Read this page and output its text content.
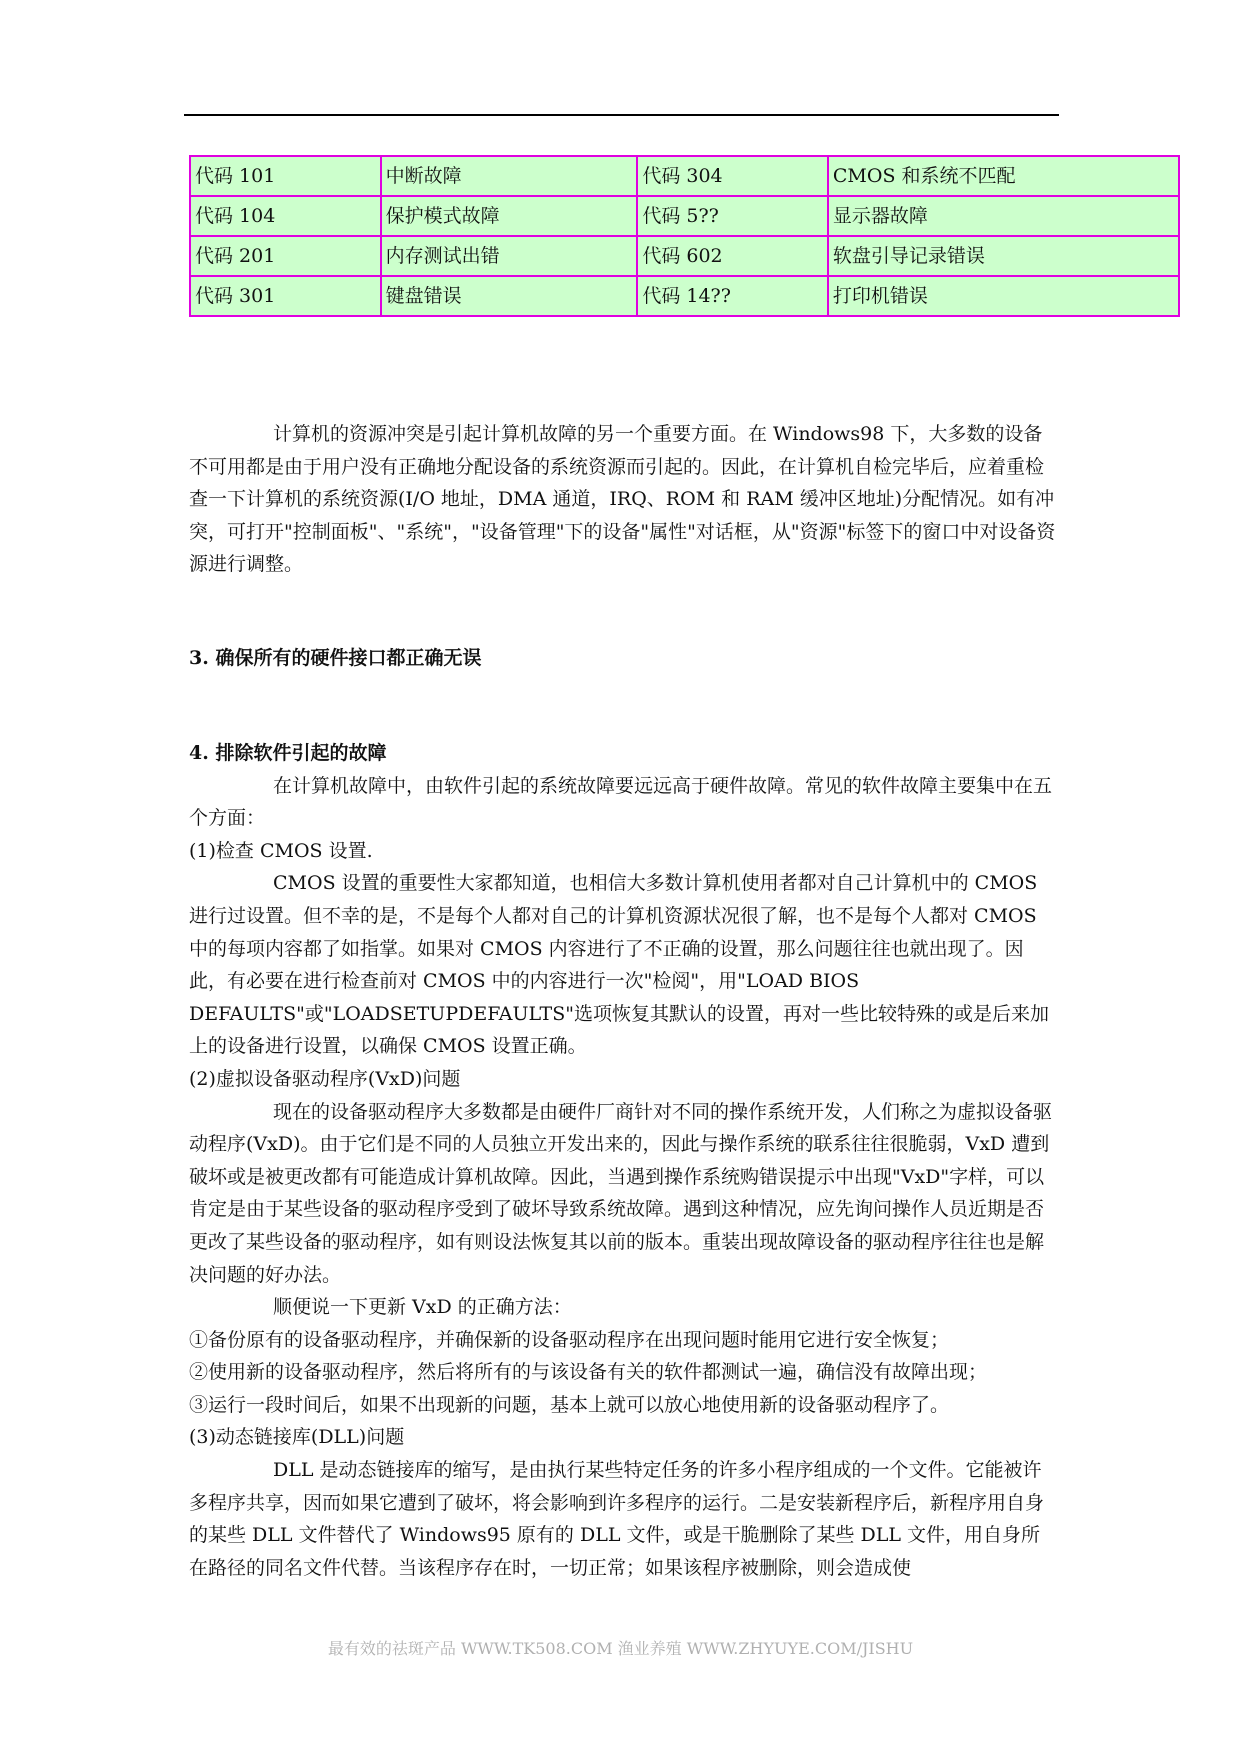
代码 101	中断故障	代码 304	CMOS 和系统不匹配
代码 104	保护模式故障	代码 5??	显示器故障
代码 201	内存测试出错	代码 602	软盘引导记录错误
代码 301	键盘错误	代码 14??	打印机错误

计算机的资源冲突是引起计算机故障的另一个重要方面。在 Windows98 下，大多数的设备不可用都是由于用户没有正确地分配设备的系统资源而引起的。因此，在计算机自检完毕后，应着重检查一下计算机的系统资源(I/O 地址，DMA 通道，IRQ、ROM 和 RAM 缓冲区地址)分配情况。如有冲突，可打开"控制面板"、"系统"，"设备管理"下的设备"属性"对话框，从"资源"标签下的窗口中对设备资源进行调整。

3. 确保所有的硬件接口都正确无误

4. 排除软件引起的故障

在计算机故障中，由软件引起的系统故障要远远高于硬件故障。常见的软件故障主要集中在五个方面：

(1)检查 CMOS 设置.

CMOS 设置的重要性大家都知道，也相信大多数计算机使用者都对自己计算机中的 CMOS 进行过设置。但不幸的是，不是每个人都对自己的计算机资源状况很了解，也不是每个人都对 CMOS 中的每项内容都了如指掌。如果对 CMOS 内容进行了不正确的设置，那么问题往往也就出现了。因此，有必要在进行检查前对 CMOS 中的内容进行一次"检阅"，用"LOAD BIOS DEFAULTS"或"LOADSETUPDEFAULTS"选项恢复其默认的设置，再对一些比较特殊的或是后来加上的设备进行设置，以确保 CMOS 设置正确。

(2)虚拟设备驱动程序(VxD)问题

现在的设备驱动程序大多数都是由硬件厂商针对不同的操作系统开发，人们称之为虚拟设备驱动程序(VxD)。由于它们是不同的人员独立开发出来的，因此与操作系统的联系往往很脆弱，VxD 遭到破坏或是被更改都有可能造成计算机故障。因此，当遇到操作系统购错误提示中出现"VxD"字样，可以肯定是由于某些设备的驱动程序受到了破坏导致系统故障。遇到这种情况，应先询问操作人员近期是否更改了某些设备的驱动程序，如有则设法恢复其以前的版本。重装出现故障设备的驱动程序往往也是解决问题的好办法。

顺便说一下更新 VxD 的正确方法：

①备份原有的设备驱动程序，并确保新的设备驱动程序在出现问题时能用它进行安全恢复；

②使用新的设备驱动程序，然后将所有的与该设备有关的软件都测试一遍，确信没有故障出现；

③运行一段时间后，如果不出现新的问题，基本上就可以放心地使用新的设备驱动程序了。

(3)动态链接库(DLL)问题

DLL 是动态链接库的缩写，是由执行某些特定任务的许多小程序组成的一个文件。它能被许多程序共享，因而如果它遭到了破坏，将会影响到许多程序的运行。二是安装新程序后，新程序用自身的某些 DLL 文件替代了 Windows95 原有的 DLL 文件，或是干脆删除了某些 DLL 文件，用自身所在路径的同名文件代替。当该程序存在时，一切正常；如果该程序被删除，则会造成使

最有效的祛斑产品 WWW.TK508.COM 渔业养殖 WWW.ZHYUYE.COM/JISHU
